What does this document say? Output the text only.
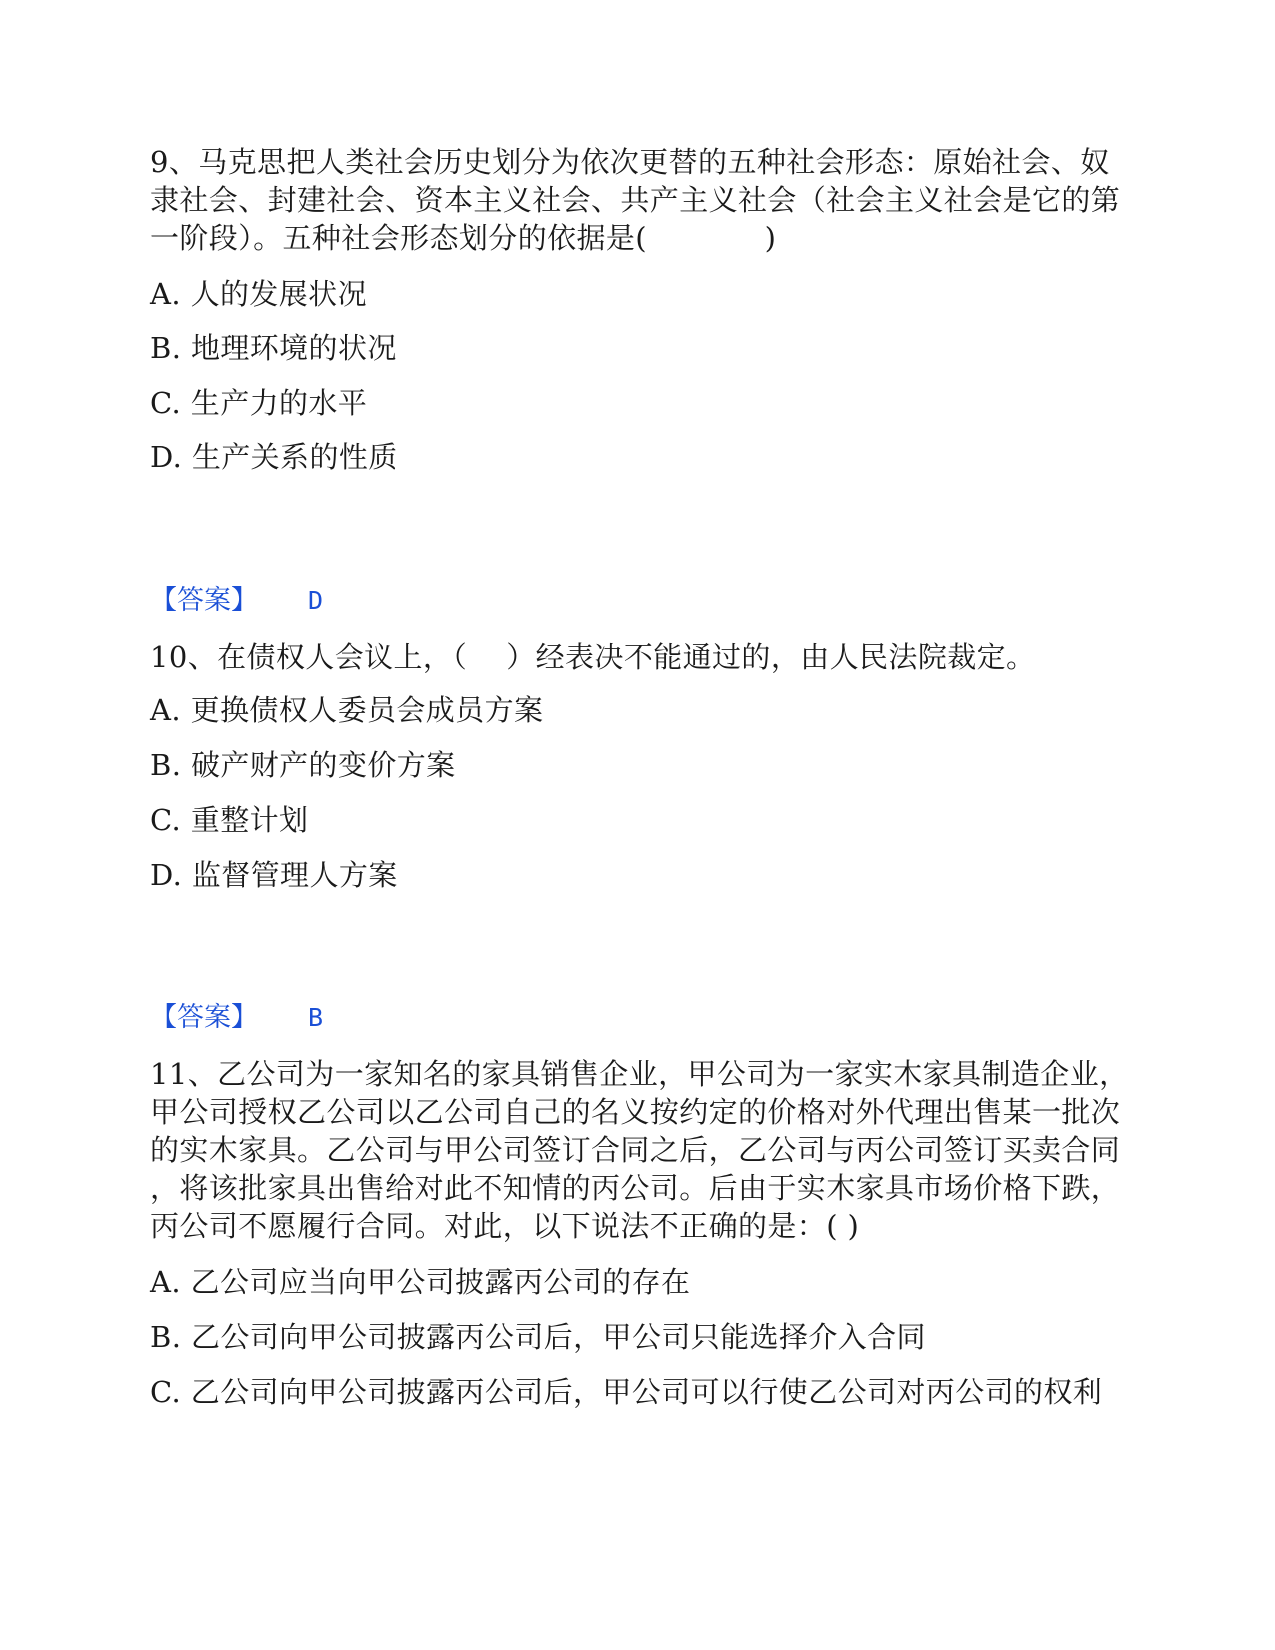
9、马克思把人类社会历史划分为依次更替的五种社会形态：原始社会、奴
隶社会、封建社会、资本主义社会、共产主义社会（社会主义社会是它的第
一阶段）。五种社会形态划分的依据是(　　　　)
A. 人的发展状况
B. 地理环境的状况
C. 生产力的水平
D. 生产关系的性质
【答案】 D
10、在债权人会议上，（　 ）经表决不能通过的，由人民法院裁定。
A. 更换债权人委员会成员方案
B. 破产财产的变价方案
C. 重整计划
D. 监督管理人方案
【答案】 B
11、乙公司为一家知名的家具销售企业，甲公司为一家实木家具制造企业，
甲公司授权乙公司以乙公司自己的名义按约定的价格对外代理出售某一批次
的实木家具。乙公司与甲公司签订合同之后，乙公司与丙公司签订买卖合同
，将该批家具出售给对此不知情的丙公司。后由于实木家具市场价格下跌，
丙公司不愿履行合同。对此，以下说法不正确的是：( )
A. 乙公司应当向甲公司披露丙公司的存在
B. 乙公司向甲公司披露丙公司后，甲公司只能选择介入合同
C. 乙公司向甲公司披露丙公司后，甲公司可以行使乙公司对丙公司的权利
